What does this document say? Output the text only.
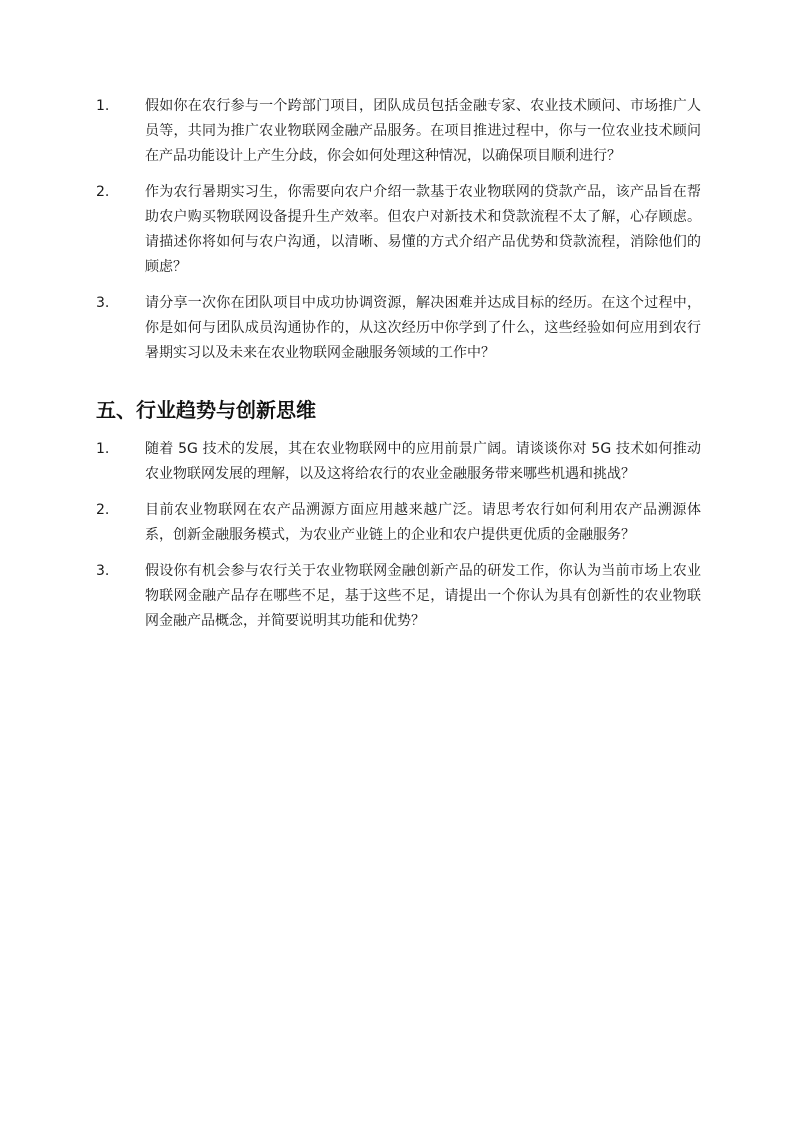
1.	假如你在农行参与一个跨部门项目，团队成员包括金融专家、农业技术顾问、市场推广人员等，共同为推广农业物联网金融产品服务。在项目推进过程中，你与一位农业技术顾问在产品功能设计上产生分歧，你会如何处理这种情况，以确保项目顺利进行？
2.	作为农行暑期实习生，你需要向农户介绍一款基于农业物联网的贷款产品，该产品旨在帮助农户购买物联网设备提升生产效率。但农户对新技术和贷款流程不太了解，心存顾虑。请描述你将如何与农户沟通，以清晰、易懂的方式介绍产品优势和贷款流程，消除他们的顾虑？
3.	请分享一次你在团队项目中成功协调资源，解决困难并达成目标的经历。在这个过程中，你是如何与团队成员沟通协作的，从这次经历中你学到了什么，这些经验如何应用到农行暑期实习以及未来在农业物联网金融服务领域的工作中？
五、行业趋势与创新思维
1.	随着 5G 技术的发展，其在农业物联网中的应用前景广阔。请谈谈你对 5G 技术如何推动农业物联网发展的理解，以及这将给农行的农业金融服务带来哪些机遇和挑战？
2.	目前农业物联网在农产品溯源方面应用越来越广泛。请思考农行如何利用农产品溯源体系，创新金融服务模式，为农业产业链上的企业和农户提供更优质的金融服务？
3.	假设你有机会参与农行关于农业物联网金融创新产品的研发工作，你认为当前市场上农业物联网金融产品存在哪些不足，基于这些不足，请提出一个你认为具有创新性的农业物联网金融产品概念，并简要说明其功能和优势？
